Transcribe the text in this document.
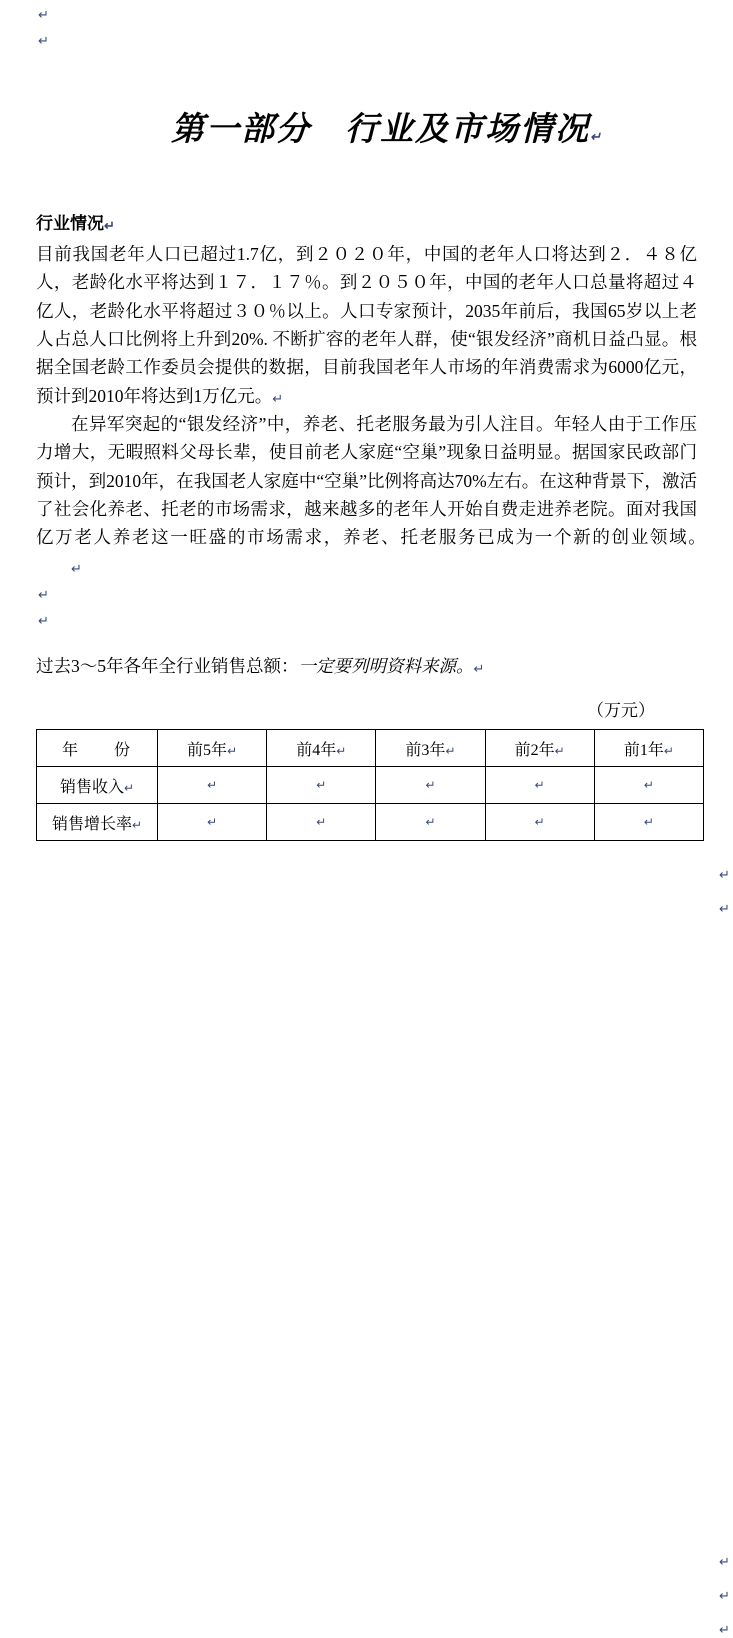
↵
↵

第一部分 行业及市场情况↵

行业情况↵

目前我国老年人口已超过1.7亿，到２０２０年，中国的老年人口将达到２．４８亿人，老龄化水平将达到１７．１７％。到２０５０年，中国的老年人口总量将超过４亿人，老龄化水平将超过３０％以上。人口专家预计，2035年前后，我国65岁以上老人占总人口比例将上升到20%. 不断扩容的老年人群，使“银发经济”商机日益凸显。根据全国老龄工作委员会提供的数据，目前我国老年人市场的年消费需求为6000亿元，预计到2010年将达到1万亿元。↵

在异军突起的“银发经济”中，养老、托老服务最为引人注目。年轻人由于工作压力增大，无暇照料父母长辈，使目前老人家庭“空巢”现象日益明显。据国家民政部门预计，到2010年，在我国老人家庭中“空巢”比例将高达70%左右。在这种背景下，激活了社会化养老、托老的市场需求，越来越多的老年人开始自费走进养老院。面对我国亿万老人养老这一旺盛的市场需求，养老、托老服务已成为一个新的创业领域。　↵

↵
↵
过去3～5年各年全行业销售总额：一定要列明资料来源。↵
（万元）
年　份	前5年↵	前4年↵	前3年↵	前2年↵	前1年↵
销售收入↵	↵	↵	↵	↵	↵
销售增长率↵	↵	↵	↵	↵	↵
↵
↵
↵
↵
↵
